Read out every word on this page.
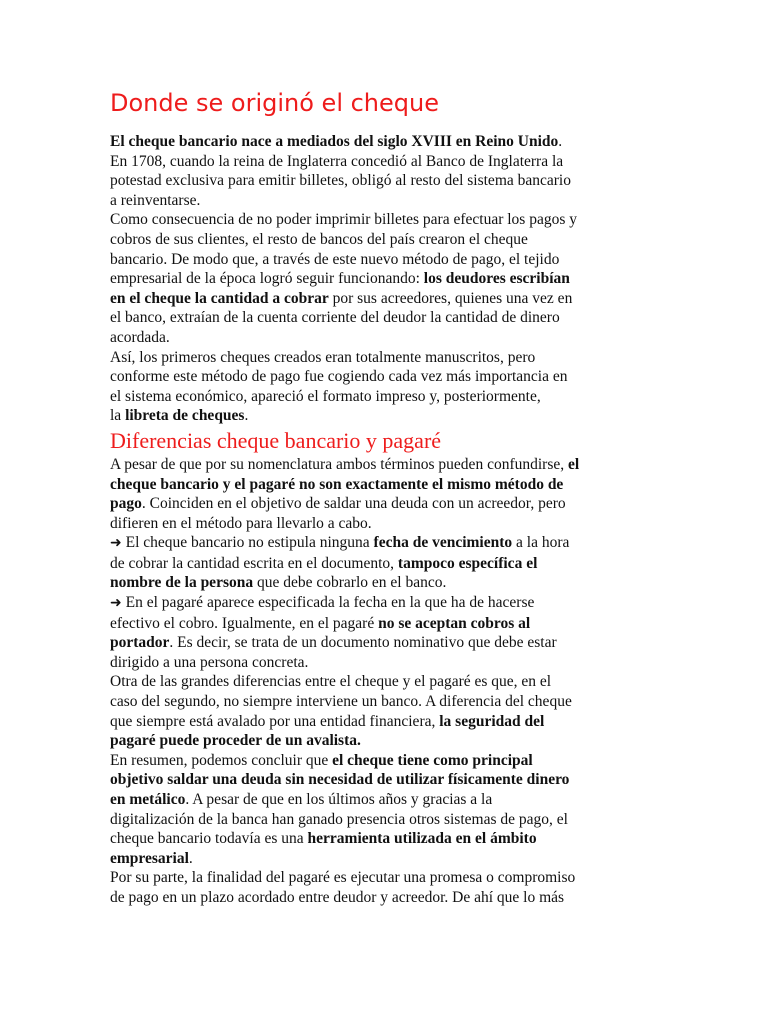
Donde se originó el cheque

El cheque bancario nace a mediados del siglo XVIII en Reino Unido.
En 1708, cuando la reina de Inglaterra concedió al Banco de Inglaterra la
potestad exclusiva para emitir billetes, obligó al resto del sistema bancario
a reinventarse.

Como consecuencia de no poder imprimir billetes para efectuar los pagos y
cobros de sus clientes, el resto de bancos del país crearon el cheque
bancario. De modo que, a través de este nuevo método de pago, el tejido
empresarial de la época logró seguir funcionando: los deudores escribían
en el cheque la cantidad a cobrar por sus acreedores, quienes una vez en
el banco, extraían de la cuenta corriente del deudor la cantidad de dinero
acordada.

Así, los primeros cheques creados eran totalmente manuscritos, pero
conforme este método de pago fue cogiendo cada vez más importancia en
el sistema económico, apareció el formato impreso y, posteriormente,
la libreta de cheques.

Diferencias cheque bancario y pagaré

A pesar de que por su nomenclatura ambos términos pueden confundirse, el
cheque bancario y el pagaré no son exactamente el mismo método de
pago. Coinciden en el objetivo de saldar una deuda con un acreedor, pero
difieren en el método para llevarlo a cabo.

➜ El cheque bancario no estipula ninguna fecha de vencimiento a la hora
de cobrar la cantidad escrita en el documento, tampoco específica el
nombre de la persona que debe cobrarlo en el banco.

➜ En el pagaré aparece especificada la fecha en la que ha de hacerse
efectivo el cobro. Igualmente, en el pagaré no se aceptan cobros al
portador. Es decir, se trata de un documento nominativo que debe estar
dirigido a una persona concreta.

Otra de las grandes diferencias entre el cheque y el pagaré es que, en el
caso del segundo, no siempre interviene un banco. A diferencia del cheque
que siempre está avalado por una entidad financiera, la seguridad del
pagaré puede proceder de un avalista.

En resumen, podemos concluir que el cheque tiene como principal
objetivo saldar una deuda sin necesidad de utilizar físicamente dinero
en metálico. A pesar de que en los últimos años y gracias a la
digitalización de la banca han ganado presencia otros sistemas de pago, el
cheque bancario todavía es una herramienta utilizada en el ámbito
empresarial.

Por su parte, la finalidad del pagaré es ejecutar una promesa o compromiso
de pago en un plazo acordado entre deudor y acreedor. De ahí que lo más
